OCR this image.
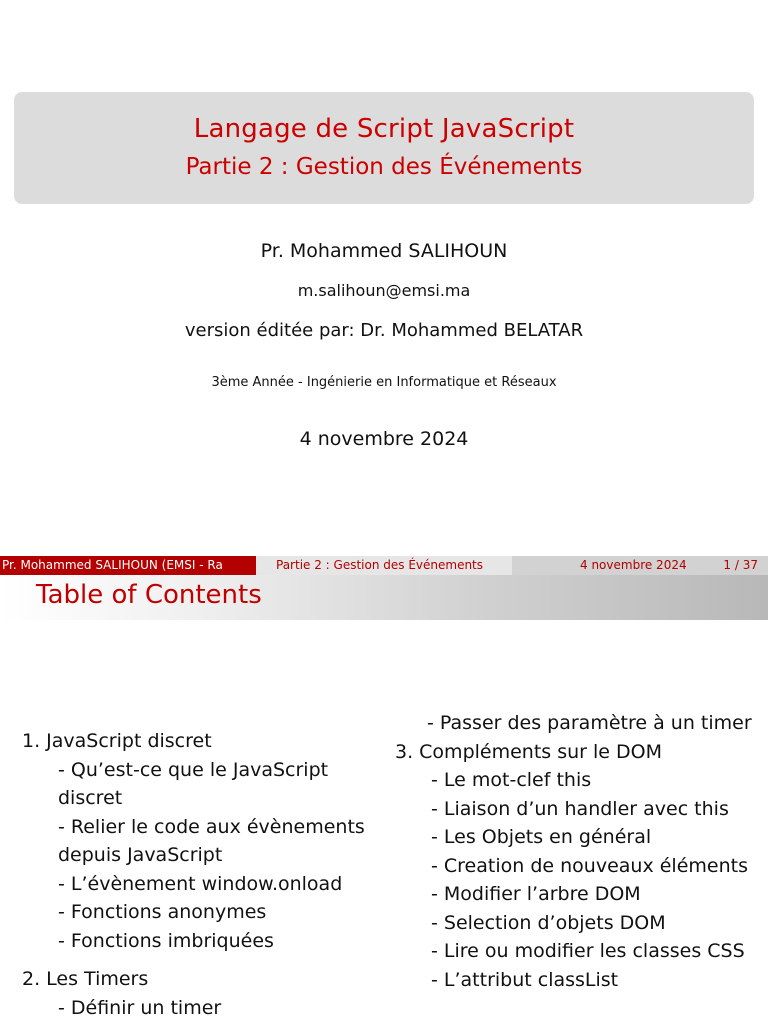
Langage de Script JavaScript
Partie 2 : Gestion des Événements
Pr. Mohammed SALIHOUN
m.salihoun@emsi.ma
version éditée par: Dr. Mohammed BELATAR
3ème Année - Ingénierie en Informatique et Réseaux
4 novembre 2024
Pr. Mohammed SALIHOUN (EMSI - Ra	Partie 2 : Gestion des Événements	4 novembre 2024	1 / 37
Table of Contents
1. JavaScript discret
- Qu’est-ce que le JavaScript discret
- Relier le code aux évènements depuis JavaScript
- L’évènement window.onload
- Fonctions anonymes
- Fonctions imbriquées
2. Les Timers
- Définir un timer
- Passer des paramètre à un timer
3. Compléments sur le DOM
- Le mot-clef this
- Liaison d’un handler avec this
- Les Objets en général
- Creation de nouveaux éléments
- Modifier l’arbre DOM
- Selection d’objets DOM
- Lire ou modifier les classes CSS
- L’attribut classList
